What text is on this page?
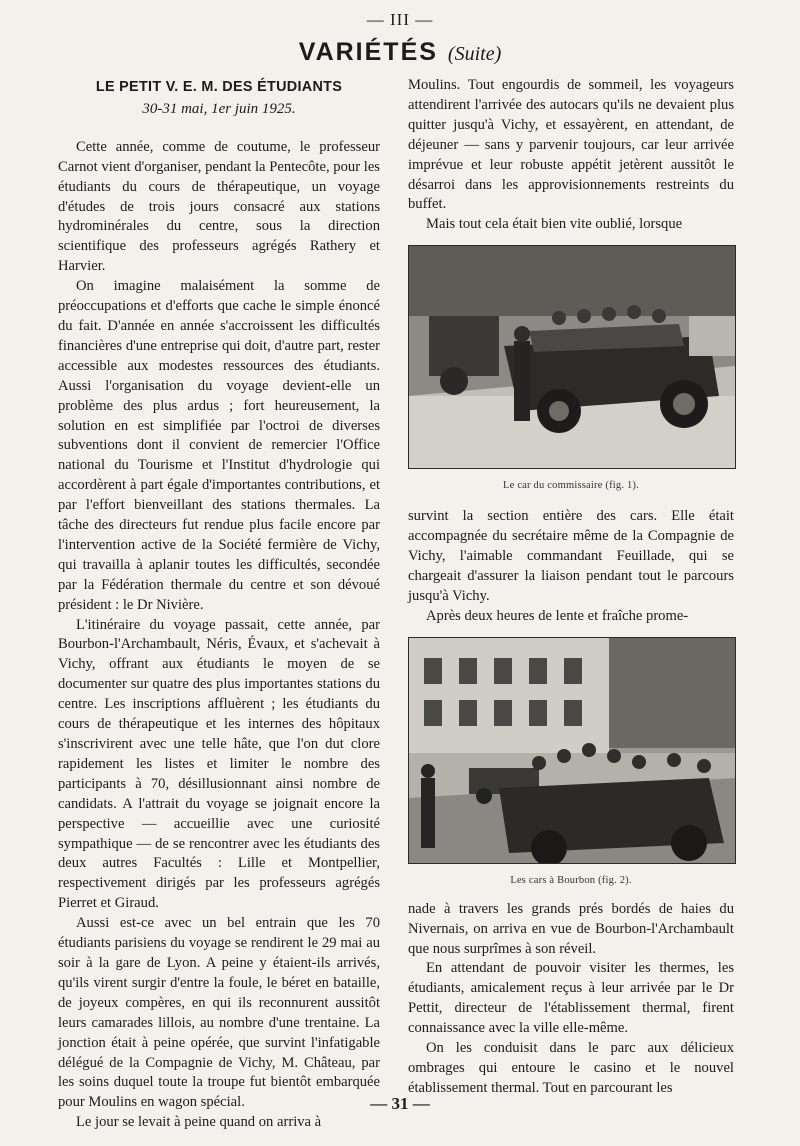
— III —
VARIÉTÉS (Suite)
LE PETIT V. E. M. DES ÉTUDIANTS
30-31 mai, 1er juin 1925.

Cette année, comme de coutume, le professeur Carnot vient d'organiser, pendant la Pentecôte, pour les étudiants du cours de thérapeutique, un voyage d'études de trois jours consacré aux stations hydrominérales du centre, sous la direction scientifique des professeurs agrégés Rathery et Harvier.

On imagine malaisément la somme de préoccupations et d'efforts que cache le simple énoncé du fait. D'année en année s'accroissent les difficultés financières d'une entreprise qui doit, d'autre part, rester accessible aux modestes ressources des étudiants. Aussi l'organisation du voyage devient-elle un problème des plus ardus ; fort heureusement, la solution en est simplifiée par l'octroi de diverses subventions dont il convient de remercier l'Office national du Tourisme et l'Institut d'hydrologie qui accordèrent à part égale d'importantes contributions, et par l'effort bienveillant des stations thermales. La tâche des directeurs fut rendue plus facile encore par l'intervention active de la Société fermière de Vichy, qui travailla à aplanir toutes les difficultés, secondée par la Fédération thermale du centre et son dévoué président : le Dr Nivière.

L'itinéraire du voyage passait, cette année, par Bourbon-l'Archambault, Néris, Évaux, et s'achevait à Vichy, offrant aux étudiants le moyen de se documenter sur quatre des plus importantes stations du centre. Les inscriptions affluèrent ; les étudiants du cours de thérapeutique et les internes des hôpitaux s'inscrivirent avec une telle hâte, que l'on dut clore rapidement les listes et limiter le nombre des participants à 70, désillusionnant ainsi nombre de candidats. A l'attrait du voyage se joignait encore la perspective — accueillie avec une curiosité sympathique — de se rencontrer avec les étudiants des deux autres Facultés : Lille et Montpellier, respectivement dirigés par les professeurs agrégés Pierret et Giraud.

Aussi est-ce avec un bel entrain que les 70 étudiants parisiens du voyage se rendirent le 29 mai au soir à la gare de Lyon. A peine y étaient-ils arrivés, qu'ils virent surgir d'entre la foule, le béret en bataille, de joyeux compères, en qui ils reconnurent aussitôt leurs camarades lillois, au nombre d'une trentaine. La jonction était à peine opérée, que survint l'infatigable délégué de la Compagnie de Vichy, M. Château, par les soins duquel toute la troupe fut bientôt embarquée pour Moulins en wagon spécial.

Le jour se levait à peine quand on arriva à

Moulins. Tout engourdis de sommeil, les voyageurs attendirent l'arrivée des autocars qu'ils ne devaient plus quitter jusqu'à Vichy, et essayèrent, en attendant, de déjeuner — sans y parvenir toujours, car leur arrivée imprévue et leur robuste appétit jetèrent aussitôt le désarroi dans les approvisionnements restreints du buffet.

Mais tout cela était bien vite oublié, lorsque

Le car du commissaire (fig. 1).

survint la section entière des cars. Elle était accompagnée du secrétaire même de la Compagnie de Vichy, l'aimable commandant Feuillade, qui se chargeait d'assurer la liaison pendant tout le parcours jusqu'à Vichy.

Après deux heures de lente et fraîche prome-

Les cars à Bourbon (fig. 2).

nade à travers les grands prés bordés de haies du Nivernais, on arriva en vue de Bourbon-l'Archambault que nous surprîmes à son réveil.

En attendant de pouvoir visiter les thermes, les étudiants, amicalement reçus à leur arrivée par le Dr Pettit, directeur de l'établissement thermal, firent connaissance avec la ville elle-même.

On les conduisit dans le parc aux délicieux ombrages qui entoure le casino et le nouvel établissement thermal. Tout en parcourant les

— 31 —
